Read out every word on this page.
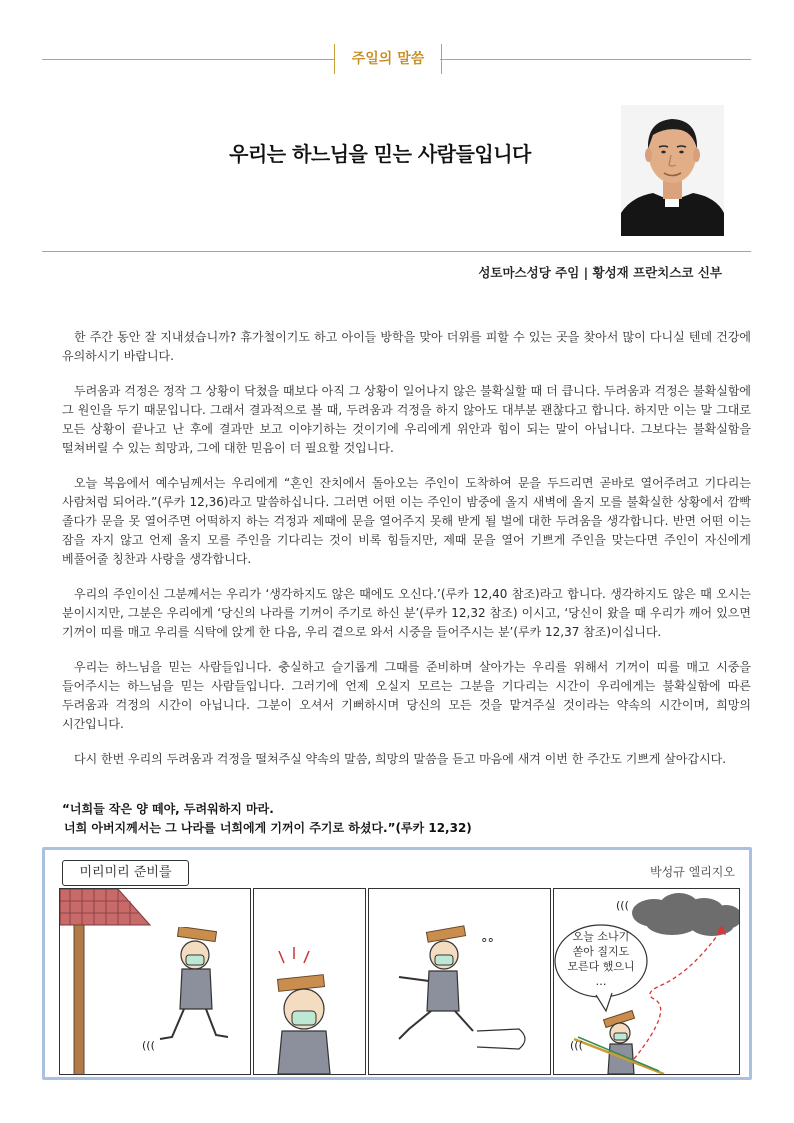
주일의 말씀
우리는 하느님을 믿는 사람들입니다
성토마스성당 주임 | 황성재 프란치스코 신부

한 주간 동안 잘 지내셨습니까? 휴가철이기도 하고 아이들 방학을 맞아 더위를 피할 수 있는 곳을 찾아서 많이 다니실 텐데 건강에 유의하시기 바랍니다.

두려움과 걱정은 정작 그 상황이 닥쳤을 때보다 아직 그 상황이 일어나지 않은 불확실할 때 더 큽니다. 두려움과 걱정은 불확실함에 그 원인을 두기 때문입니다. 그래서 결과적으로 볼 때, 두려움과 걱정을 하지 않아도 대부분 괜찮다고 합니다. 하지만 이는 말 그대로 모든 상황이 끝나고 난 후에 결과만 보고 이야기하는 것이기에 우리에게 위안과 힘이 되는 말이 아닙니다. 그보다는 불확실함을 떨쳐버릴 수 있는 희망과, 그에 대한 믿음이 더 필요할 것입니다.

오늘 복음에서 예수님께서는 우리에게 “혼인 잔치에서 돌아오는 주인이 도착하여 문을 두드리면 곧바로 열어주려고 기다리는 사람처럼 되어라.”(루카 12,36)라고 말씀하십니다. 그러면 어떤 이는 주인이 밤중에 올지 새벽에 올지 모를 불확실한 상황에서 깜빡 졸다가 문을 못 열어주면 어떡하지 하는 걱정과 제때에 문을 열어주지 못해 받게 될 벌에 대한 두려움을 생각합니다. 반면 어떤 이는 잠을 자지 않고 언제 올지 모를 주인을 기다리는 것이 비록 힘들지만, 제때 문을 열어 기쁘게 주인을 맞는다면 주인이 자신에게 베풀어줄 칭찬과 사랑을 생각합니다.

우리의 주인이신 그분께서는 우리가 ‘생각하지도 않은 때에도 오신다.’(루카 12,40 참조)라고 합니다. 생각하지도 않은 때 오시는 분이시지만, 그분은 우리에게 ‘당신의 나라를 기꺼이 주기로 하신 분’(루카 12,32 참조) 이시고, ‘당신이 왔을 때 우리가 깨어 있으면 기꺼이 띠를 매고 우리를 식탁에 앉게 한 다음, 우리 곁으로 와서 시중을 들어주시는 분’(루카 12,37 참조)이십니다.

우리는 하느님을 믿는 사람들입니다. 충실하고 슬기롭게 그때를 준비하며 살아가는 우리를 위해서 기꺼이 띠를 매고 시중을 들어주시는 하느님을 믿는 사람들입니다. 그러기에 언제 오실지 모르는 그분을 기다리는 시간이 우리에게는 불확실함에 따른 두려움과 걱정의 시간이 아닙니다. 그분이 오셔서 기뻐하시며 당신의 모든 것을 맡겨주실 것이라는 약속의 시간이며, 희망의 시간입니다.

다시 한번 우리의 두려움과 걱정을 떨쳐주실 약속의 말씀, 희망의 말씀을 듣고 마음에 새겨 이번 한 주간도 기쁘게 살아갑시다.

“너희들 작은 양 떼야, 두려워하지 마라.
너희 아버지께서는 그 나라를 너희에게 기꺼이 주기로 하셨다.”(루카 12,32)
미리미리 준비를	박성규 엘리지오
(((
°°
오늘 소나기
쏟아 질지도
모른다 했으니
…
(((
(((
